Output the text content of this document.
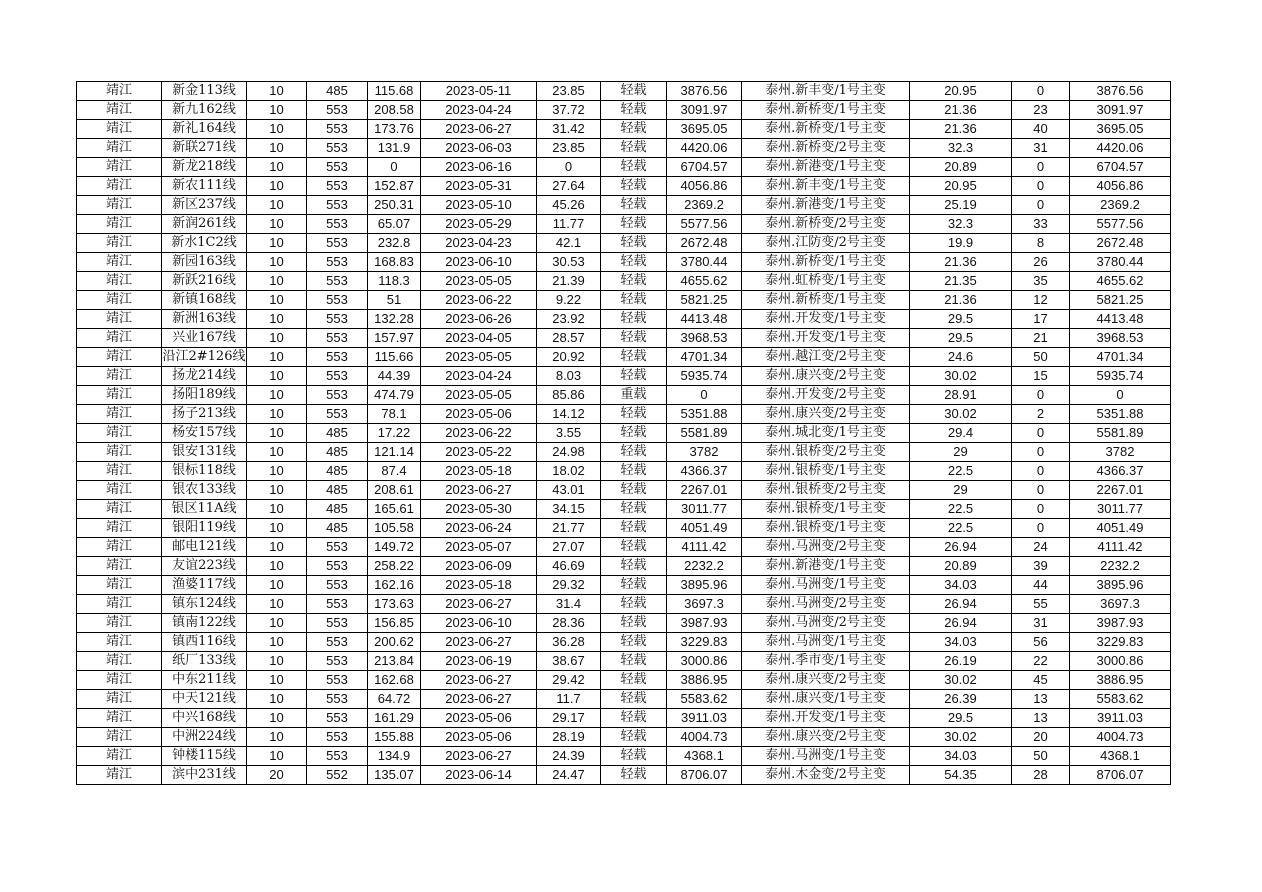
靖江	新金113线	10	485	115.68	2023-05-11	23.85	轻载	3876.56	泰州.新丰变/1号主变	20.95	0	3876.56
靖江	新九162线	10	553	208.58	2023-04-24	37.72	轻载	3091.97	泰州.新桥变/1号主变	21.36	23	3091.97
靖江	新礼164线	10	553	173.76	2023-06-27	31.42	轻载	3695.05	泰州.新桥变/1号主变	21.36	40	3695.05
靖江	新联271线	10	553	131.9	2023-06-03	23.85	轻载	4420.06	泰州.新桥变/2号主变	32.3	31	4420.06
靖江	新龙218线	10	553	0	2023-06-16	0	轻载	6704.57	泰州.新港变/1号主变	20.89	0	6704.57
靖江	新农111线	10	553	152.87	2023-05-31	27.64	轻载	4056.86	泰州.新丰变/1号主变	20.95	0	4056.86
靖江	新区237线	10	553	250.31	2023-05-10	45.26	轻载	2369.2	泰州.新港变/1号主变	25.19	0	2369.2
靖江	新润261线	10	553	65.07	2023-05-29	11.77	轻载	5577.56	泰州.新桥变/2号主变	32.3	33	5577.56
靖江	新水1C2线	10	553	232.8	2023-04-23	42.1	轻载	2672.48	泰州.江防变/2号主变	19.9	8	2672.48
靖江	新园163线	10	553	168.83	2023-06-10	30.53	轻载	3780.44	泰州.新桥变/1号主变	21.36	26	3780.44
靖江	新跃216线	10	553	118.3	2023-05-05	21.39	轻载	4655.62	泰州.虹桥变/1号主变	21.35	35	4655.62
靖江	新镇168线	10	553	51	2023-06-22	9.22	轻载	5821.25	泰州.新桥变/1号主变	21.36	12	5821.25
靖江	新洲163线	10	553	132.28	2023-06-26	23.92	轻载	4413.48	泰州.开发变/1号主变	29.5	17	4413.48
靖江	兴业167线	10	553	157.97	2023-04-05	28.57	轻载	3968.53	泰州.开发变/1号主变	29.5	21	3968.53
靖江	沿江2#126线	10	553	115.66	2023-05-05	20.92	轻载	4701.34	泰州.越江变/2号主变	24.6	50	4701.34
靖江	扬龙214线	10	553	44.39	2023-04-24	8.03	轻载	5935.74	泰州.康兴变/2号主变	30.02	15	5935.74
靖江	扬阳189线	10	553	474.79	2023-05-05	85.86	重载	0	泰州.开发变/2号主变	28.91	0	0
靖江	扬子213线	10	553	78.1	2023-05-06	14.12	轻载	5351.88	泰州.康兴变/2号主变	30.02	2	5351.88
靖江	杨安157线	10	485	17.22	2023-06-22	3.55	轻载	5581.89	泰州.城北变/1号主变	29.4	0	5581.89
靖江	银安131线	10	485	121.14	2023-05-22	24.98	轻载	3782	泰州.银桥变/2号主变	29	0	3782
靖江	银标118线	10	485	87.4	2023-05-18	18.02	轻载	4366.37	泰州.银桥变/1号主变	22.5	0	4366.37
靖江	银农133线	10	485	208.61	2023-06-27	43.01	轻载	2267.01	泰州.银桥变/2号主变	29	0	2267.01
靖江	银区11A线	10	485	165.61	2023-05-30	34.15	轻载	3011.77	泰州.银桥变/1号主变	22.5	0	3011.77
靖江	银阳119线	10	485	105.58	2023-06-24	21.77	轻载	4051.49	泰州.银桥变/1号主变	22.5	0	4051.49
靖江	邮电121线	10	553	149.72	2023-05-07	27.07	轻载	4111.42	泰州.马洲变/2号主变	26.94	24	4111.42
靖江	友谊223线	10	553	258.22	2023-06-09	46.69	轻载	2232.2	泰州.新港变/1号主变	20.89	39	2232.2
靖江	渔婆117线	10	553	162.16	2023-05-18	29.32	轻载	3895.96	泰州.马洲变/1号主变	34.03	44	3895.96
靖江	镇东124线	10	553	173.63	2023-06-27	31.4	轻载	3697.3	泰州.马洲变/2号主变	26.94	55	3697.3
靖江	镇南122线	10	553	156.85	2023-06-10	28.36	轻载	3987.93	泰州.马洲变/2号主变	26.94	31	3987.93
靖江	镇西116线	10	553	200.62	2023-06-27	36.28	轻载	3229.83	泰州.马洲变/1号主变	34.03	56	3229.83
靖江	纸厂133线	10	553	213.84	2023-06-19	38.67	轻载	3000.86	泰州.季市变/1号主变	26.19	22	3000.86
靖江	中东211线	10	553	162.68	2023-06-27	29.42	轻载	3886.95	泰州.康兴变/2号主变	30.02	45	3886.95
靖江	中天121线	10	553	64.72	2023-06-27	11.7	轻载	5583.62	泰州.康兴变/1号主变	26.39	13	5583.62
靖江	中兴168线	10	553	161.29	2023-05-06	29.17	轻载	3911.03	泰州.开发变/1号主变	29.5	13	3911.03
靖江	中洲224线	10	553	155.88	2023-05-06	28.19	轻载	4004.73	泰州.康兴变/2号主变	30.02	20	4004.73
靖江	钟楼115线	10	553	134.9	2023-06-27	24.39	轻载	4368.1	泰州.马洲变/1号主变	34.03	50	4368.1
靖江	滨中231线	20	552	135.07	2023-06-14	24.47	轻载	8706.07	泰州.木金变/2号主变	54.35	28	8706.07
